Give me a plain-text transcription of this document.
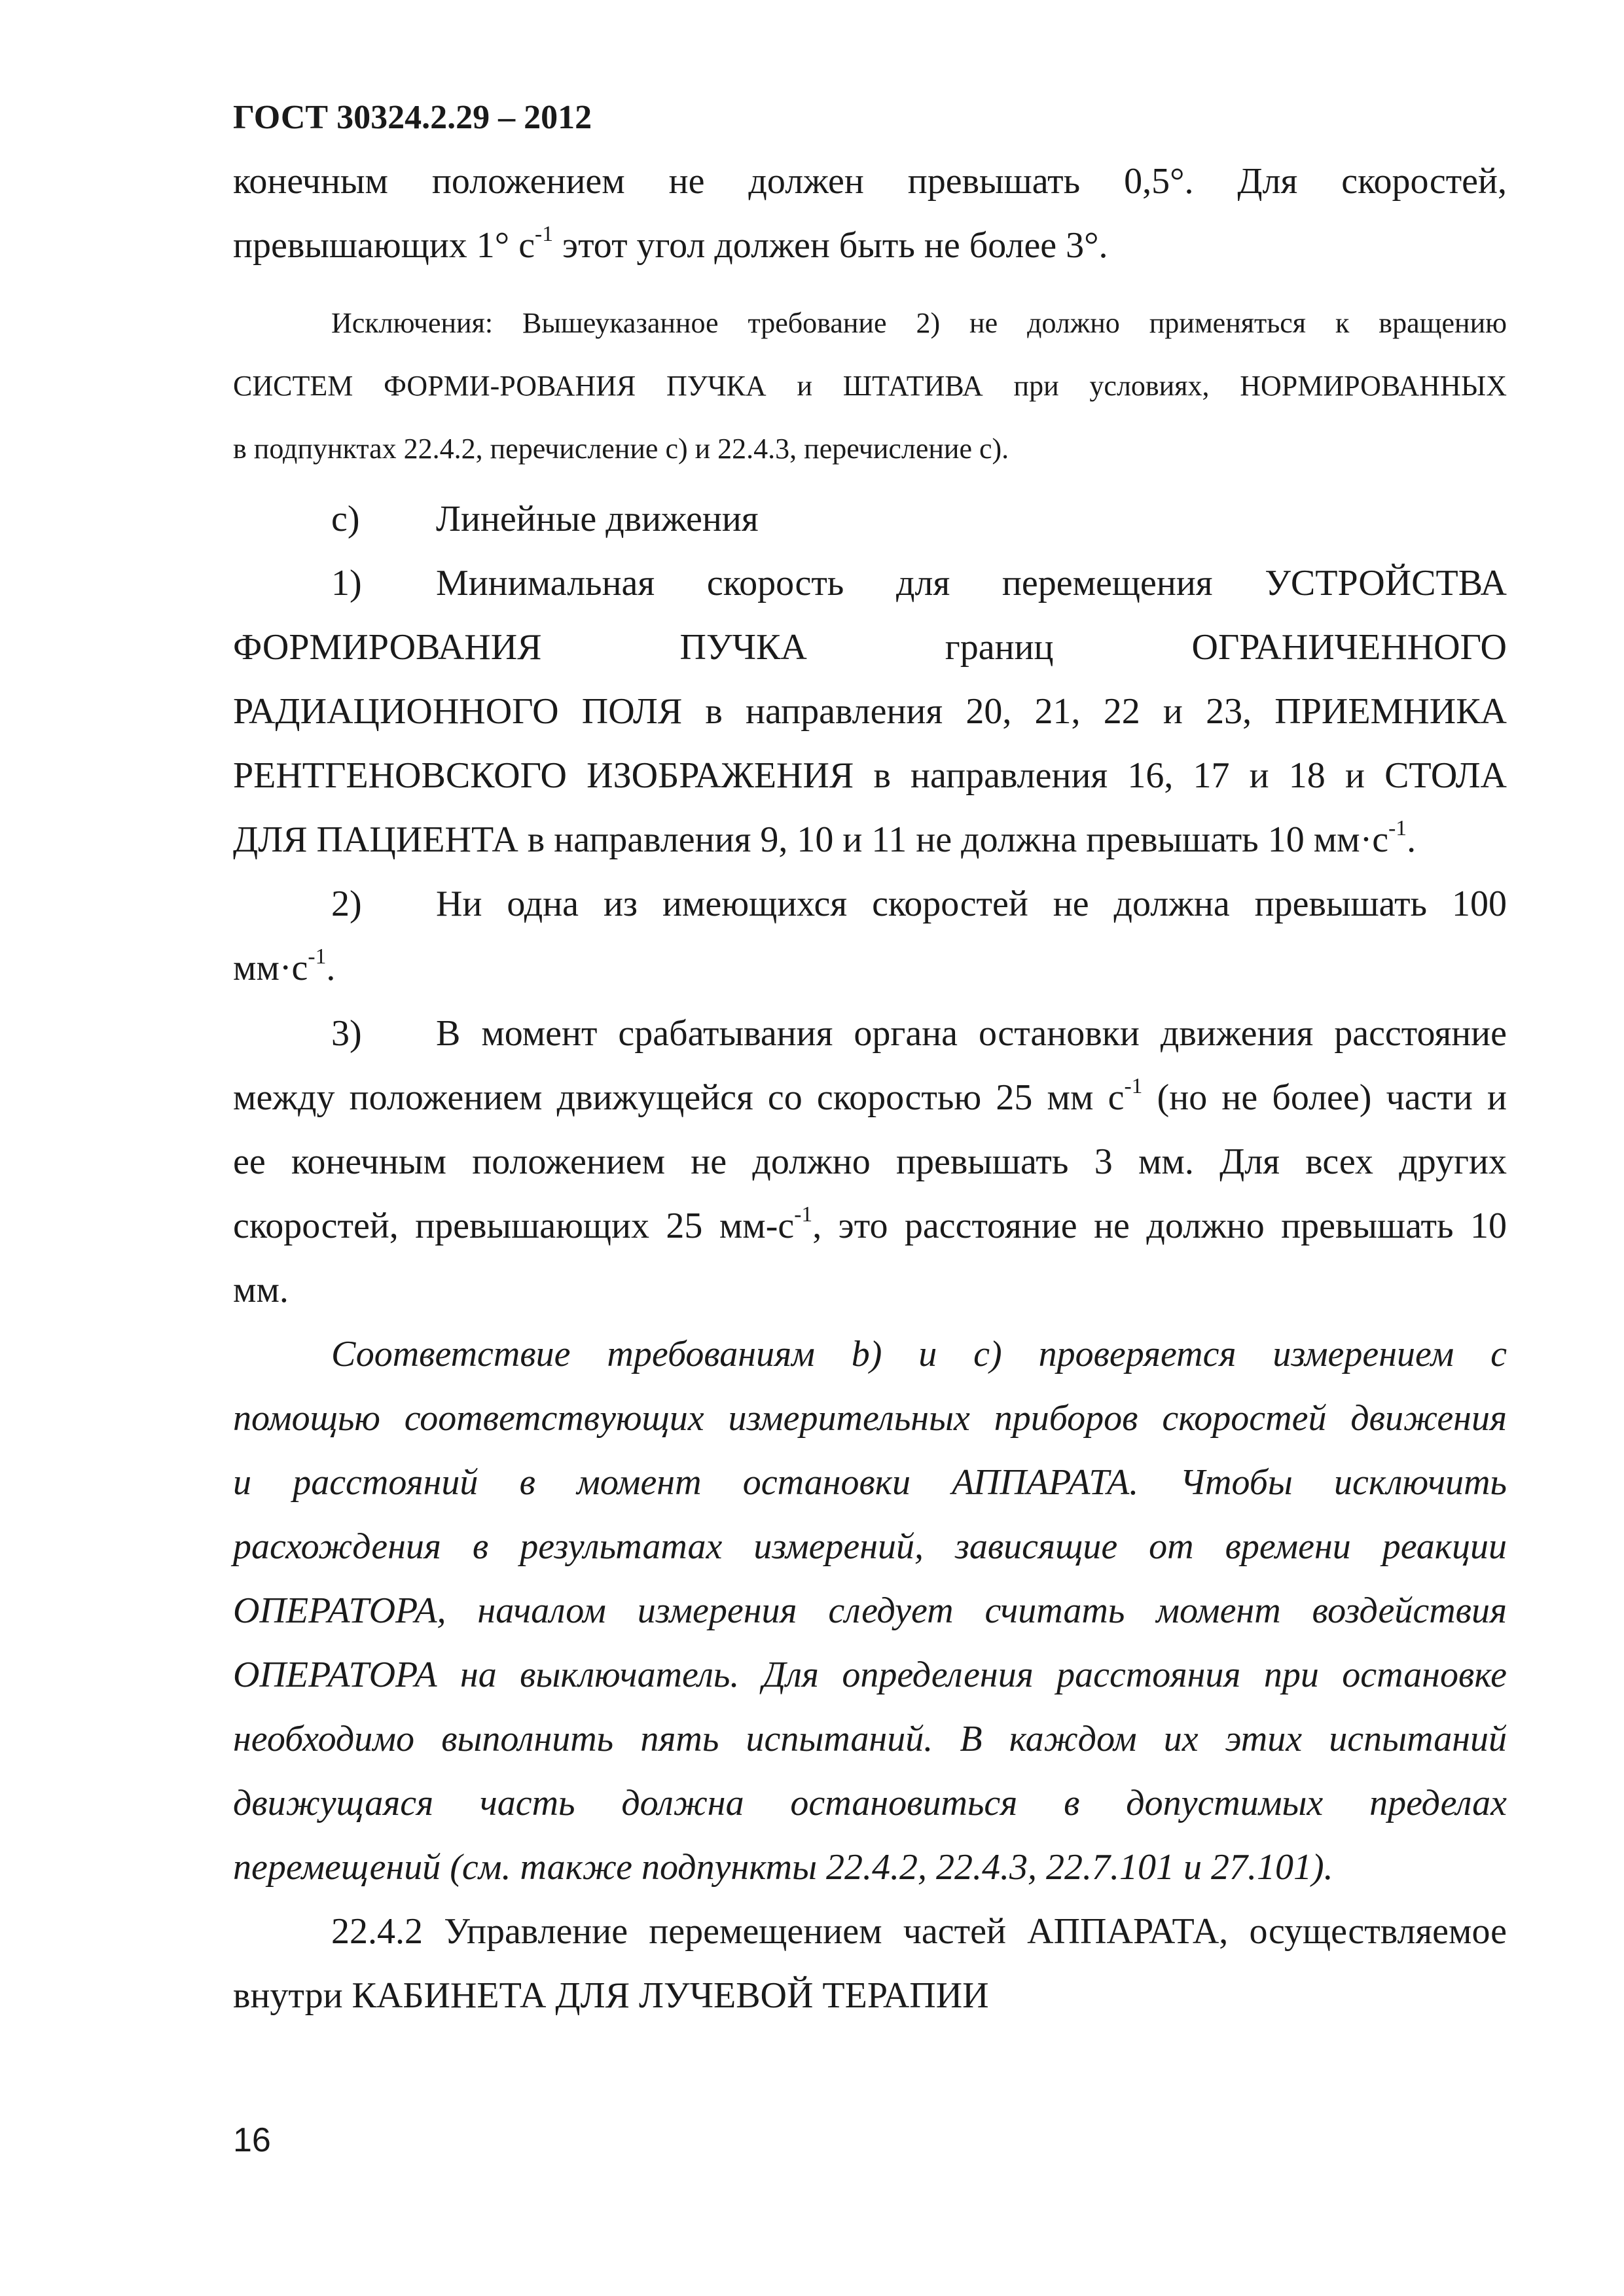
ГОСТ 30324.2.29 – 2012
конечным положением не должен превышать 0,5°. Для скоростей,
превышающих 1° $с^{-1}$ этот угол должен быть не более 3°.
Исключения: Вышеуказанное требование 2) не должно применяться к вращению
СИСТЕМ ФОРМИ-РОВАНИЯ ПУЧКА и ШТАТИВА при условиях, НОРМИРОВАННЫХ
в подпунктах 22.4.2, перечисление с) и 22.4.3, перечисление с).
с) Линейные движения
1) Минимальная скорость для перемещения УСТРОЙСТВА
ФОРМИРОВАНИЯ ПУЧКА границ ОГРАНИЧЕННОГО
РАДИАЦИОННОГО ПОЛЯ в направления 20, 21, 22 и 23, ПРИЕМНИКА
РЕНТГЕНОВСКОГО ИЗОБРАЖЕНИЯ в направления 16, 17 и 18 и СТОЛА
ДЛЯ ПАЦИЕНТА в направления 9, 10 и 11 не должна превышать 10 $мм\cdot с^{-1}$.
2) Ни одна из имеющихся скоростей не должна превышать 100
$мм\cdot с^{-1}$.
3) В момент срабатывания органа остановки движения расстояние
между положением движущейся со скоростью 25 мм $с^{-1}$ (но не более) части и
ее конечным положением не должно превышать 3 мм. Для всех других
скоростей, превышающих 25 $мм-с^{-1}$, это расстояние не должно превышать 10
мм.
Соответствие требованиям b) и с) проверяется измерением с
помощью соответствующих измерительных приборов скоростей движения
и расстояний в момент остановки АППАРАТА. Чтобы исключить
расхождения в результатах измерений, зависящие от времени реакции
ОПЕРАТОРА, началом измерения следует считать момент воздействия
ОПЕРАТОРА на выключатель. Для определения расстояния при остановке
необходимо выполнить пять испытаний. В каждом их этих испытаний
движущаяся часть должна остановиться в допустимых пределах
перемещений (см. также подпункты 22.4.2, 22.4.3, 22.7.101 и 27.101).
22.4.2 Управление перемещением частей АППАРАТА, осуществляемое
внутри КАБИНЕТА ДЛЯ ЛУЧЕВОЙ ТЕРАПИИ
16
